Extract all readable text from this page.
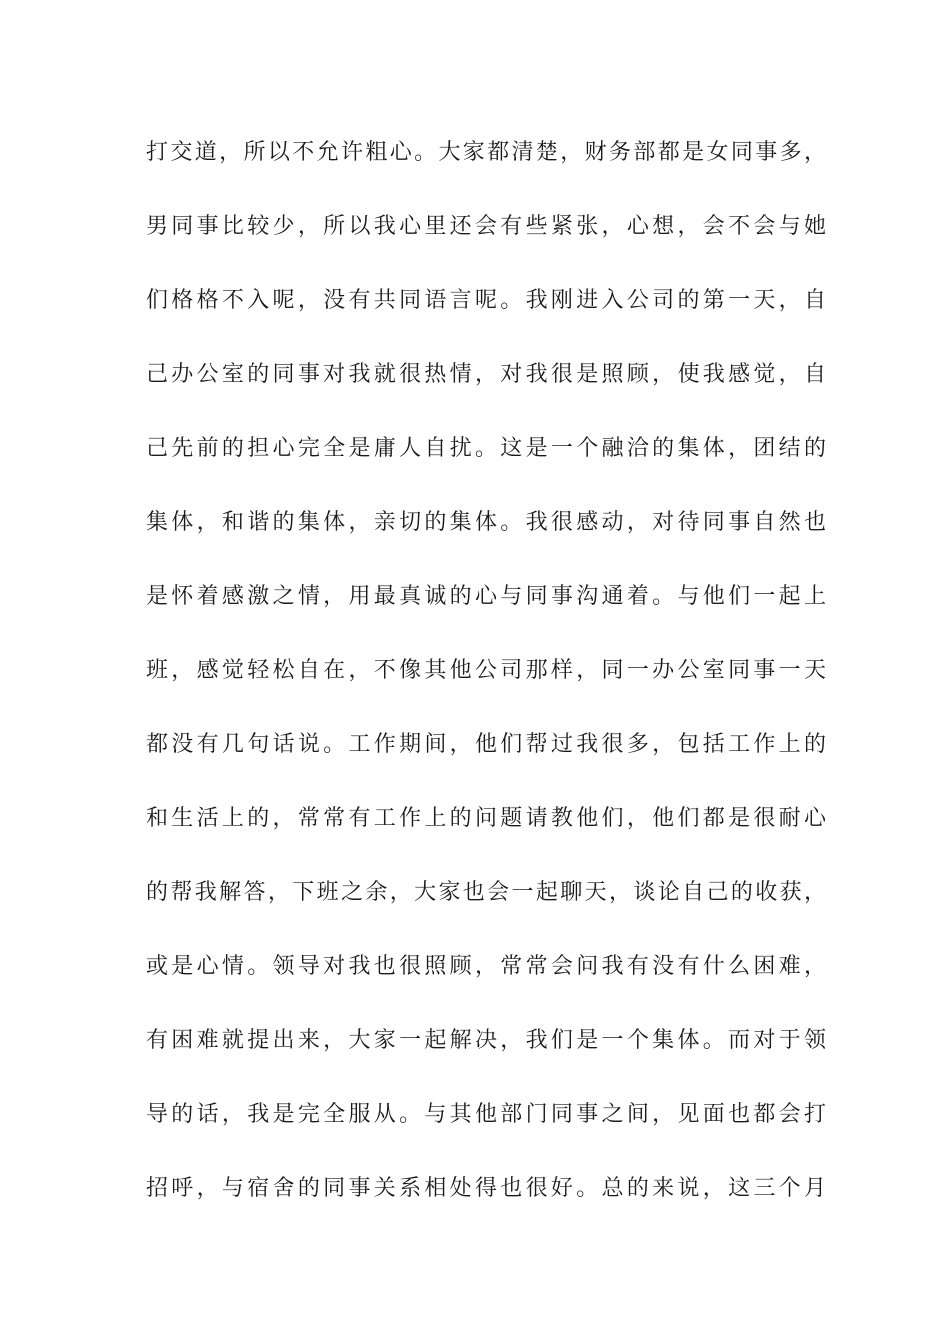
打交道，所以不允许粗心。大家都清楚，财务部都是女同事多，
男同事比较少，所以我心里还会有些紧张，心想，会不会与她
们格格不入呢，没有共同语言呢。我刚进入公司的第一天，自
己办公室的同事对我就很热情，对我很是照顾，使我感觉，自
己先前的担心完全是庸人自扰。这是一个融洽的集体，团结的
集体，和谐的集体，亲切的集体。我很感动，对待同事自然也
是怀着感激之情，用最真诚的心与同事沟通着。与他们一起上
班，感觉轻松自在，不像其他公司那样，同一办公室同事一天
都没有几句话说。工作期间，他们帮过我很多，包括工作上的
和生活上的，常常有工作上的问题请教他们，他们都是很耐心
的帮我解答，下班之余，大家也会一起聊天，谈论自己的收获，
或是心情。领导对我也很照顾，常常会问我有没有什么困难，
有困难就提出来，大家一起解决，我们是一个集体。而对于领
导的话，我是完全服从。与其他部门同事之间，见面也都会打
招呼，与宿舍的同事关系相处得也很好。总的来说，这三个月
